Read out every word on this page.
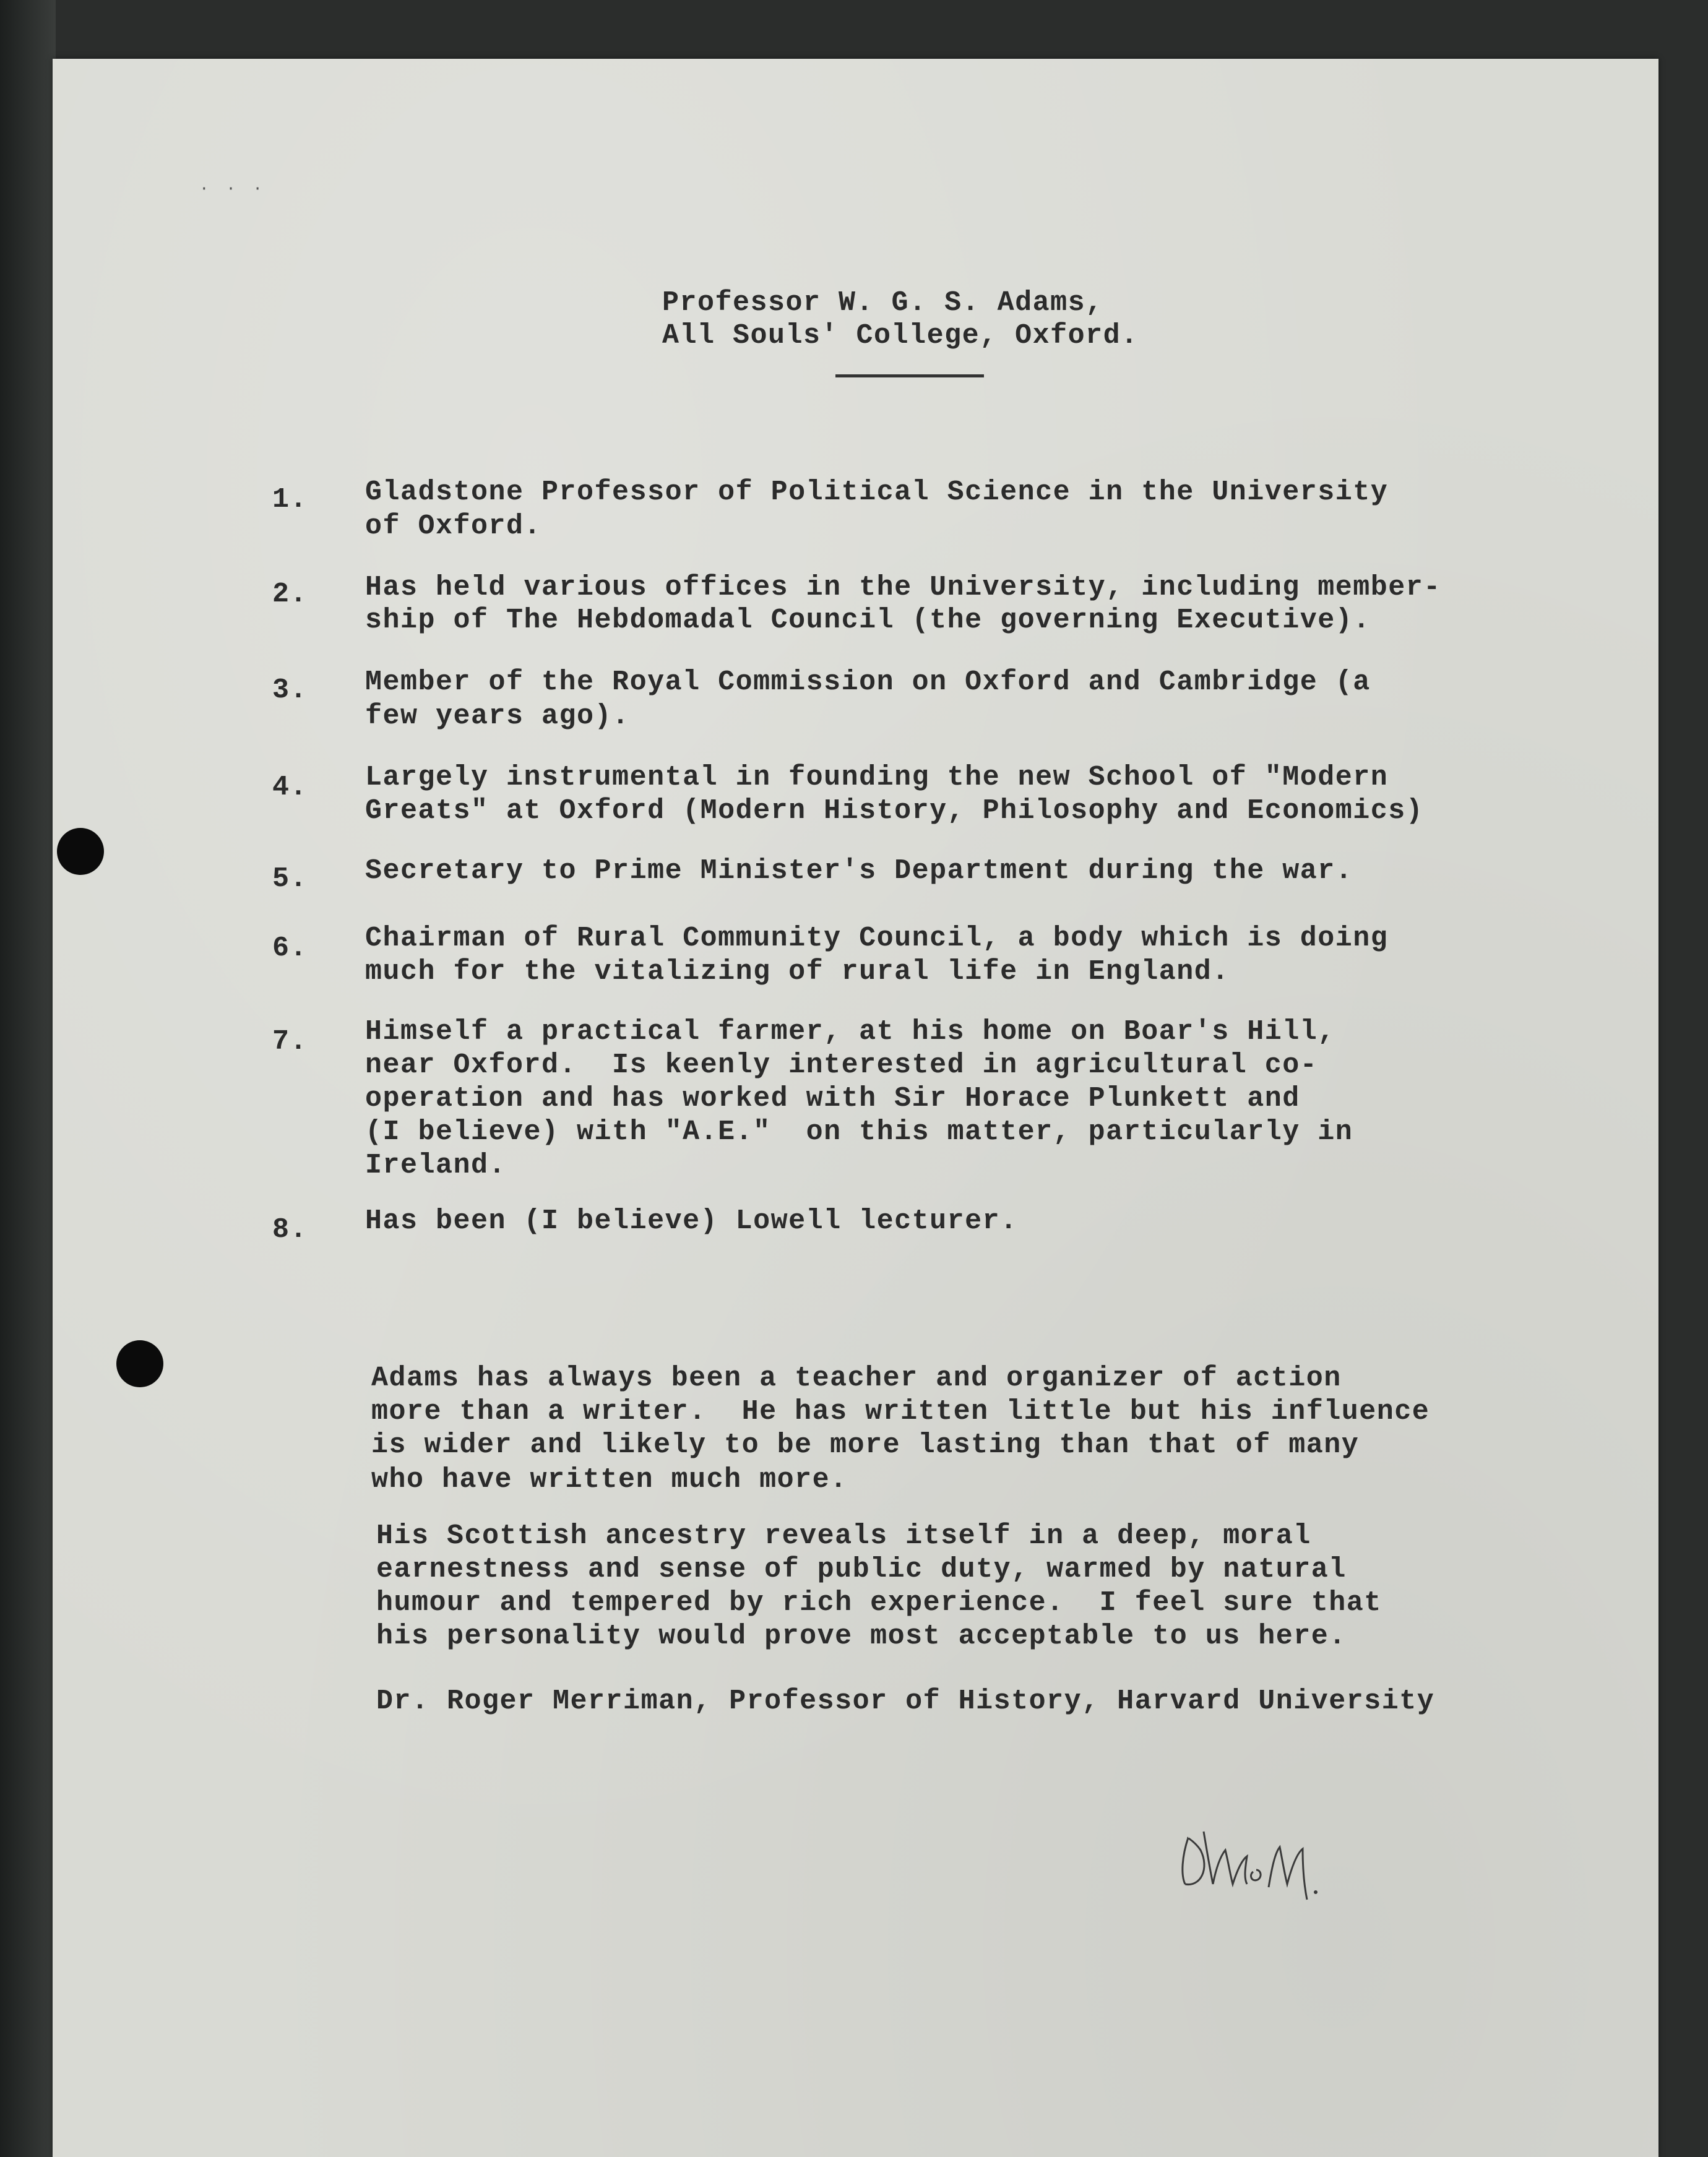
· · ·
Professor W. G. S. Adams,
All Souls' College, Oxford.
1. Gladstone Professor of Political Science in the University
of Oxford.
2. Has held various offices in the University, including member-
ship of The Hebdomadal Council (the governing Executive).
3. Member of the Royal Commission on Oxford and Cambridge (a
few years ago).
4. Largely instrumental in founding the new School of "Modern
Greats" at Oxford (Modern History, Philosophy and Economics)
5. Secretary to Prime Minister's Department during the war.
6. Chairman of Rural Community Council, a body which is doing
much for the vitalizing of rural life in England.
7. Himself a practical farmer, at his home on Boar's Hill,
near Oxford.  Is keenly interested in agricultural co-
operation and has worked with Sir Horace Plunkett and
(I believe) with "A.E."  on this matter, particularly in
Ireland.
8. Has been (I believe) Lowell lecturer.
Adams has always been a teacher and organizer of action
more than a writer.  He has written little but his influence
is wider and likely to be more lasting than that of many
who have written much more.
His Scottish ancestry reveals itself in a deep, moral
earnestness and sense of public duty, warmed by natural
humour and tempered by rich experience.  I feel sure that
his personality would prove most acceptable to us here.
Dr. Roger Merriman, Professor of History, Harvard University
